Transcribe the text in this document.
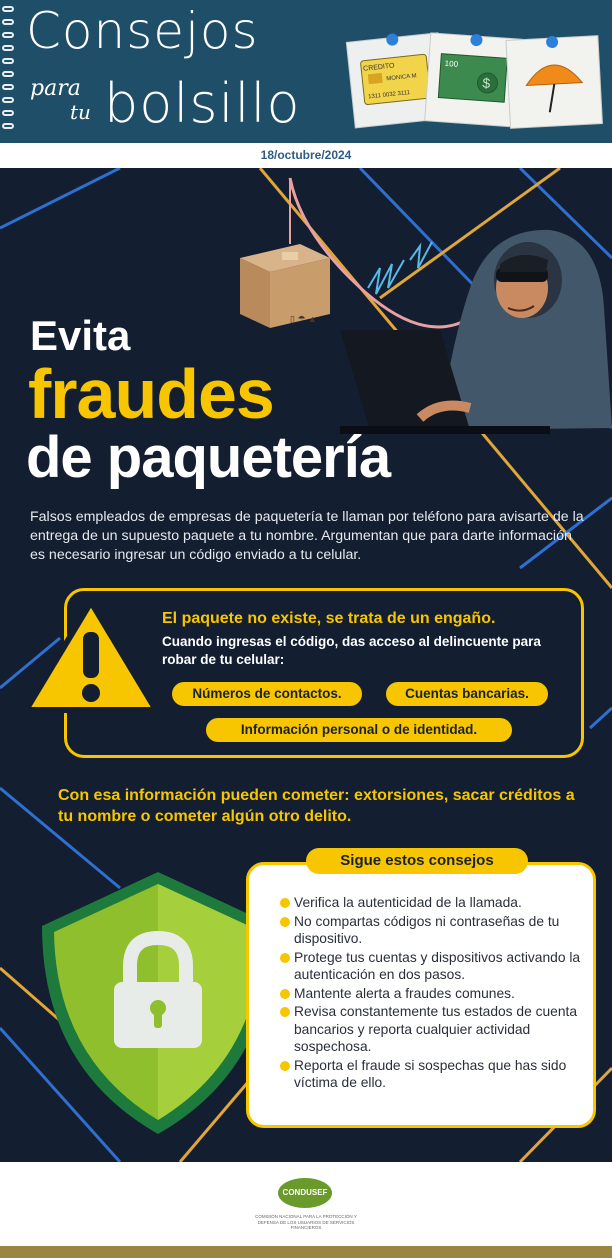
Consejos
para
tu bolsillo
CREDITO
MONICA M
1311 0032 3111
$
100
18/octubre/2024
▯ ☂ ▲
Evita
fraudes
de paquetería

Falsos empleados de empresas de paquetería te llaman por teléfono para avisarte de la entrega de un supuesto paquete a tu nombre. Argumentan que para darte información es necesario ingresar un código enviado a tu celular.

El paquete no existe, se trata de un engaño.
Cuando ingresas el código, das acceso al delincuente para robar de tu celular:
Números de contactos.	Cuentas bancarias.
Información personal o de identidad.
Con esa información pueden cometer: extorsiones, sacar créditos a tu nombre o cometer algún otro delito.
Sigue estos consejos
Verifica la autenticidad de la llamada.
No compartas códigos ni contraseñas de tu dispositivo.
Protege tus cuentas y dispositivos activando la autenticación en dos pasos.
Mantente alerta a fraudes comunes.
Revisa constantemente tus estados de cuenta bancarios y reporta cualquier actividad sospechosa.
Reporta el fraude si sospechas que has sido víctima de ello.
CONDUSEF
COMISIÓN NACIONAL PARA LA PROTECCIÓN Y DEFENSA DE LOS USUARIOS DE SERVICIOS FINANCIEROS
